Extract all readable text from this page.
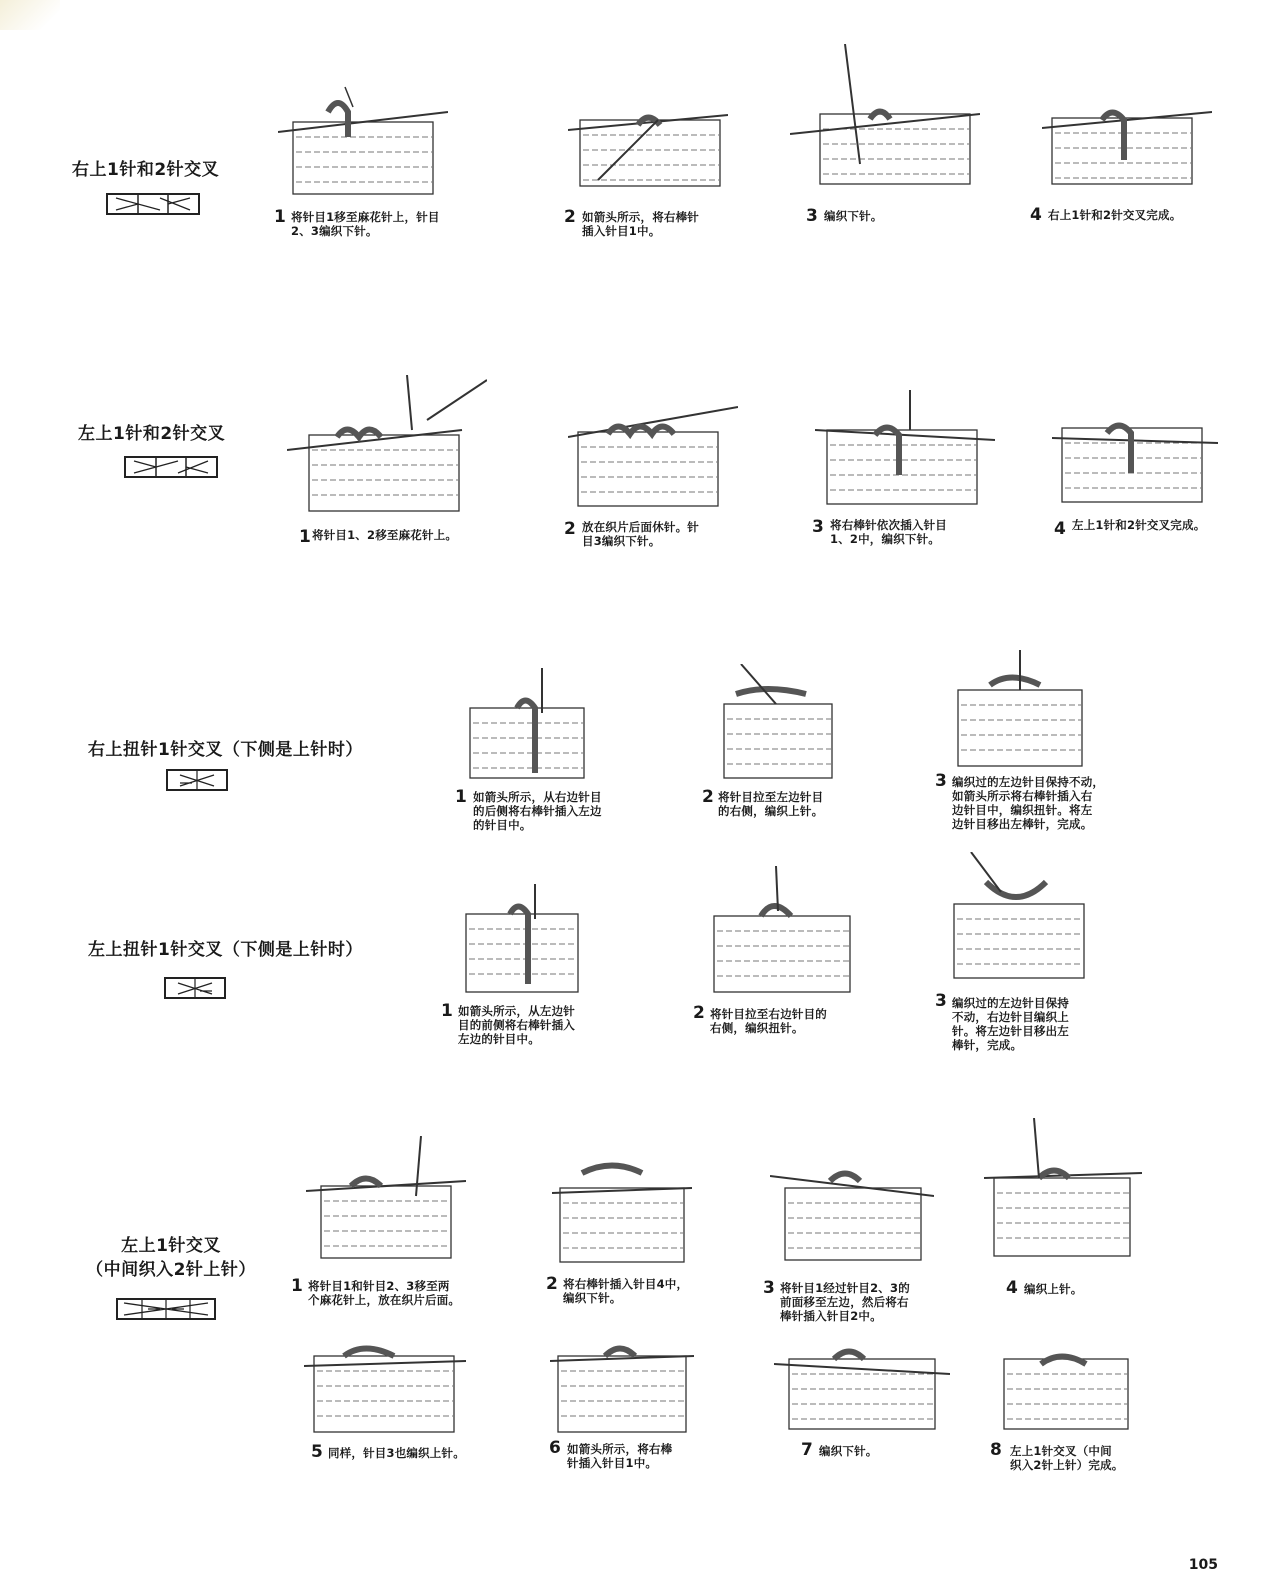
右上1针和2针交叉
1 将针目1移至麻花针上，针目
2、3编织下针。
2 如箭头所示，将右棒针
插入针目1中。
3 编织下针。	4 右上1针和2针交叉完成。
左上1针和2针交叉
1 将针目1、2移至麻花针上。	2 放在织片后面休针。针
目3编织下针。
3 将右棒针依次插入针目
1、2中，编织下针。	4 左上1针和2针交叉完成。
右上扭针1针交叉（下侧是上针时）
1 如箭头所示，从右边针目
的后侧将右棒针插入左边
的针目中。
2 将针目拉至左边针目
的右侧，编织上针。
3 编织过的左边针目保持不动，
如箭头所示将右棒针插入右
边针目中，编织扭针。将左
边针目移出左棒针，完成。
左上扭针1针交叉（下侧是上针时）
1 如箭头所示，从左边针
目的前侧将右棒针插入
左边的针目中。
2 将针目拉至右边针目的
右侧，编织扭针。
3 编织过的左边针目保持
不动，右边针目编织上
针。将左边针目移出左
棒针，完成。
左上1针交叉
（中间织入2针上针）
1 将针目1和针目2、3移至两
个麻花针上，放在织片后面。
2 将右棒针插入针目4中，
编织下针。	3 将针目1经过针目2、3的
前面移至左边，然后将右
棒针插入针目2中。
4 编织上针。
5 同样，针目3也编织上针。	6 如箭头所示，将右棒
针插入针目1中。
7 编织下针。	8 左上1针交叉（中间
织入2针上针）完成。
105
